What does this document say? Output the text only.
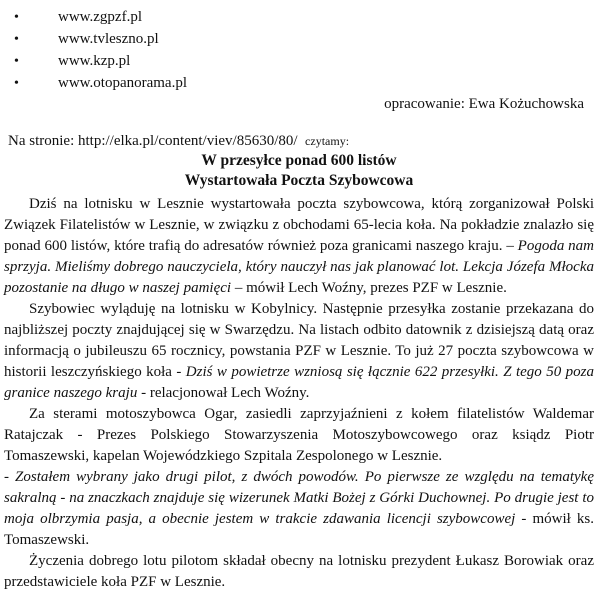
•	www.zgpzf.pl
•	www.tvleszno.pl
•	www.kzp.pl
•	www.otopanorama.pl
opracowanie: Ewa Kożuchowska
Na stronie: http://elka.pl/content/viev/85630/80/ czytamy:
W przesyłce ponad 600 listów
Wystartowała Poczta Szybowcowa

Dziś na lotnisku w Lesznie wystartowała poczta szybowcowa, którą zorganizował Polski Związek Filatelistów w Lesznie, w związku z obchodami 65-lecia koła. Na pokładzie znalazło się ponad 600 listów, które trafią do adresatów również poza granicami naszego kraju. – Pogoda nam sprzyja. Mieliśmy dobrego nauczyciela, który nauczył nas jak planować lot. Lekcja Józefa Młocka pozostanie na długo w naszej pamięci – mówił Lech Woźny, prezes PZF w Lesznie.

Szybowiec wyląduję na lotnisku w Kobylnicy. Następnie przesyłka zostanie przekazana do najbliższej poczty znajdującej się w Swarzędzu. Na listach odbito datownik z dzisiejszą datą oraz informacją o jubileuszu 65 rocznicy, powstania PZF w Lesznie. To już 27 poczta szybowcowa w historii leszczyńskiego koła - Dziś w powietrze wzniosą się łącznie 622 przesyłki. Z tego 50 poza granice naszego kraju - relacjonował Lech Woźny.

Za sterami motoszybowca Ogar, zasiedli zaprzyjaźnieni z kołem filatelistów Waldemar Ratajczak - Prezes Polskiego Stowarzyszenia Motoszybowcowego oraz ksiądz Piotr Tomaszewski, kapelan Wojewódzkiego Szpitala Zespolonego w Lesznie.

- Zostałem wybrany jako drugi pilot, z dwóch powodów. Po pierwsze ze względu na tematykę sakralną - na znaczkach znajduje się wizerunek Matki Bożej z Górki Duchownej. Po drugie jest to moja olbrzymia pasja, a obecnie jestem w trakcie zdawania licencji szybowcowej - mówił ks. Tomaszewski.

Życzenia dobrego lotu pilotom składał obecny na lotnisku prezydent Łukasz Borowiak oraz przedstawiciele koła PZF w Lesznie.
